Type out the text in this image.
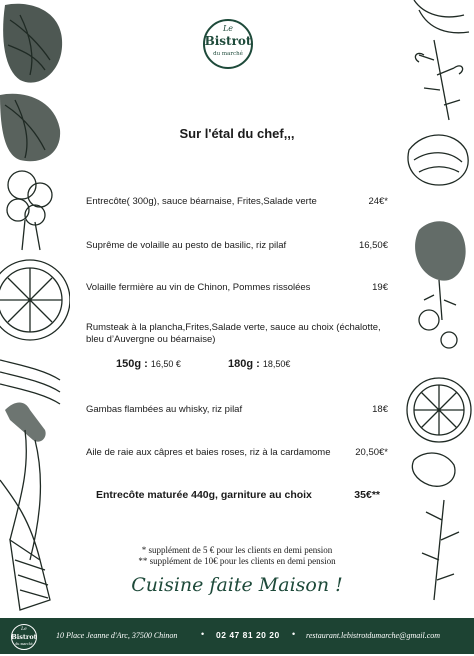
Le
Bistrot
du marché
Sur l'étal du chef,,,
Entrecôte( 300g), sauce béarnaise, Frites,Salade verte	24€*
Suprême de volaille au pesto de basilic, riz pilaf	16,50€
Volaille fermière au vin de Chinon, Pommes rissolées	19€
Rumsteak à la plancha,Frites,Salade verte, sauce au choix (échalotte, bleu d’Auvergne ou béarnaise)
150g : 16,50 €	180g : 18,50€
Gambas flambées au whisky, riz pilaf	18€
Aile de raie aux câpres et baies roses, riz à la cardamome	20,50€*
Entrecôte maturée 440g, garniture au choix	35€**
* supplément de 5 € pour les clients en demi pension
** supplément de 10€ pour les clients en demi pension
Cuisine faite Maison !
Le
Bistrot
du marché
10 Place Jeanne d'Arc, 37500 Chinon	• 02 47 81 20 20 • restaurant.lebistrotdumarche@gmail.com
